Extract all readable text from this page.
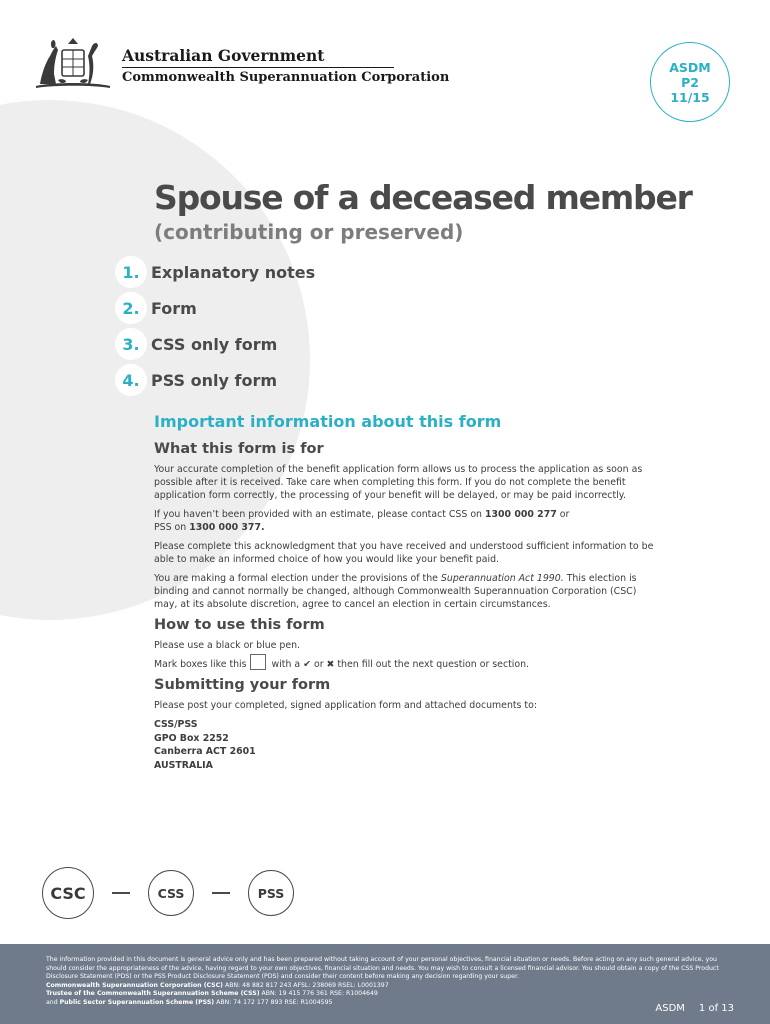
Australian Government
Commonwealth Superannuation Corporation
ASDM
P2
11/15
Spouse of a deceased member
(contributing or preserved)
1. Explanatory notes
2. Form
3. CSS only form
4. PSS only form
Important information about this form
What this form is for

Your accurate completion of the benefit application form allows us to process the application as soon as possible after it is received. Take care when completing this form. If you do not complete the benefit application form correctly, the processing of your benefit will be delayed, or may be paid incorrectly.

If you haven’t been provided with an estimate, please contact CSS on 1300 000 277 or
PSS on 1300 000 377.

Please complete this acknowledgment that you have received and understood sufficient information to be able to make an informed choice of how you would like your benefit paid.

You are making a formal election under the provisions of the Superannuation Act 1990. This election is binding and cannot normally be changed, although Commonwealth Superannuation Corporation (CSC) may, at its absolute discretion, agree to cancel an election in certain circumstances.

How to use this form

Please use a black or blue pen.

Mark boxes like this with a ✔ or ✖ then fill out the next question or section.

Submitting your form

Please post your completed, signed application form and attached documents to:

CSS/PSS
GPO Box 2252
Canberra ACT 2601
AUSTRALIA
CSC	CSS	PSS

The information provided in this document is general advice only and has been prepared without taking account of your personal objectives, financial situation or needs. Before acting on any such general advice, you should consider the appropriateness of the advice, having regard to your own objectives, financial situation and needs. You may wish to consult a licensed financial advisor. You should obtain a copy of the CSS Product Disclosure Statement (PDS) or the PSS Product Disclosure Statement (PDS) and consider their content before making any decision regarding your super.

Commonwealth Superannuation Corporation (CSC) ABN: 48 882 817 243 AFSL: 238069 RSEL: L0001397

Trustee of the Commonwealth Superannuation Scheme (CSS) ABN: 19 415 776 361 RSE: R1004649

and Public Sector Superannuation Scheme (PSS) ABN: 74 172 177 893 RSE: R1004595

ASDM 1 of 13
